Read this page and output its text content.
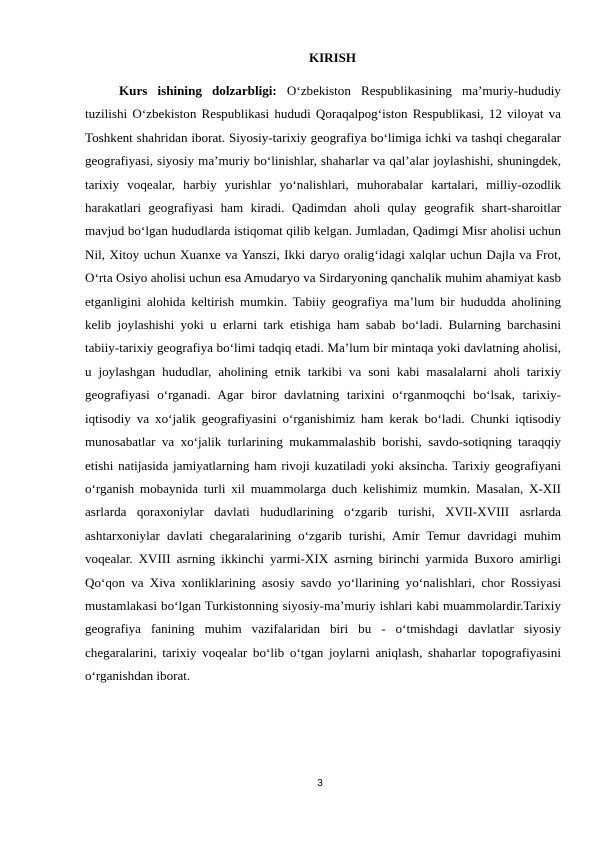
KIRISH

Kurs ishining dolzarbligi: O‘zbekiston Respublikasining ma’muriy-hududiy tuzilishi O‘zbekiston Respublikasi hududi Qoraqalpog‘iston Respublikasi, 12 viloyat va Toshkent shahridan iborat. Siyosiy-tarixiy geografiya bo‘limiga ichki va tashqi chegaralar geografiyasi, siyosiy ma’muriy bo‘linishlar, shaharlar va qal’alar joylashishi, shuningdek, tarixiy voqealar, harbiy yurishlar yo‘nalishlari, muhorabalar kartalari, milliy-ozodlik harakatlari geografiyasi ham kiradi. Qadimdan aholi qulay geografik shart-sharoitlar mavjud bo‘lgan hududlarda istiqomat qilib kelgan. Jumladan, Qadimgi Misr aholisi uchun Nil, Xitoy uchun Xuanxe va Yanszi, Ikki daryo oralig‘idagi xalqlar uchun Dajla va Frot, O‘rta Osiyo aholisi uchun esa Amudaryo va Sirdaryoning qanchalik muhim ahamiyat kasb etganligini alohida keltirish mumkin. Tabiiy geografiya ma’lum bir hududda aholining kelib joylashishi yoki u erlarni tark etishiga ham sabab bo‘ladi. Bularning barchasini tabiiy-tarixiy geografiya bo‘limi tadqiq etadi. Ma’lum bir mintaqa yoki davlatning aholisi, u joylashgan hududlar, aholining etnik tarkibi va soni kabi masalalarni aholi tarixiy geografiyasi o‘rganadi. Agar biror davlatning tarixini o‘rganmoqchi bo‘lsak, tarixiy-iqtisodiy va xo‘jalik geografiyasini o‘rganishimiz ham kerak bo‘ladi. Chunki iqtisodiy munosabatlar va xo‘jalik turlarining mukammalashib borishi, savdo-sotiqning taraqqiy etishi natijasida jamiyatlarning ham rivoji kuzatiladi yoki aksincha. Tarixiy geografiyani o‘rganish mobaynida turli xil muammolarga duch kelishimiz mumkin. Masalan, X-XII asrlarda qoraxoniylar davlati hududlarining o‘zgarib turishi, XVII-XVIII asrlarda ashtarxoniylar davlati chegaralarining o‘zgarib turishi, Amir Temur davridagi muhim voqealar. XVIII asrning ikkinchi yarmi-XIX asrning birinchi yarmida Buxoro amirligi Qo‘qon va Xiva xonliklarining asosiy savdo yo‘llarining yo‘nalishlari, chor Rossiyasi mustamlakasi bo‘lgan Turkistonning siyosiy-ma’muriy ishlari kabi muammolardir.Tarixiy geografiya fanining muhim vazifalaridan biri bu - o‘tmishdagi davlatlar siyosiy chegaralarini, tarixiy voqealar bo‘lib o‘tgan joylarni aniqlash, shaharlar topografiyasini o‘rganishdan iborat.

3
